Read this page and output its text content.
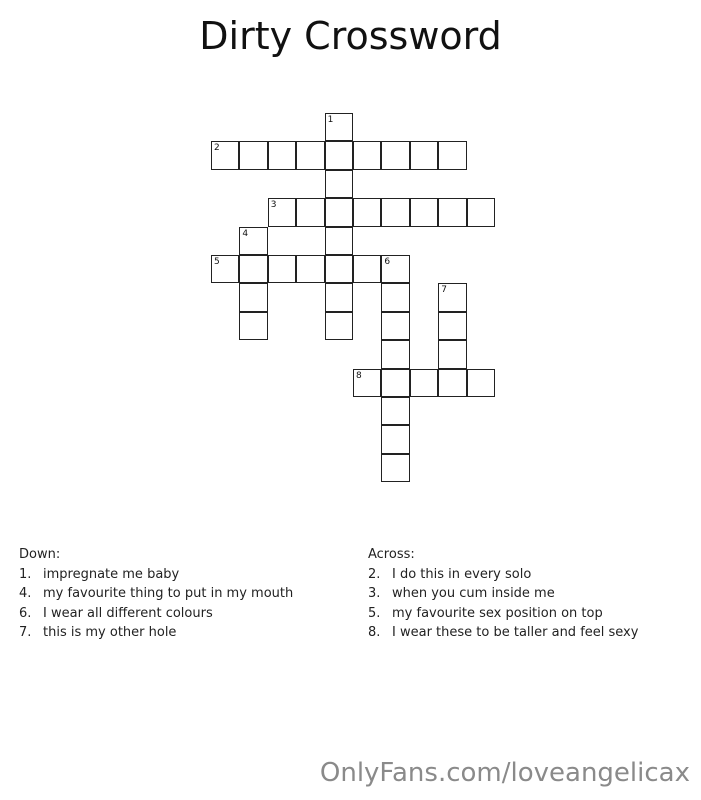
Dirty Crossword
1
2
3
4
5	6
7
8
Down:
1. impregnate me baby
4. my favourite thing to put in my mouth
6. I wear all different colours
7. this is my other hole
Across:
2. I do this in every solo
3. when you cum inside me
5. my favourite sex position on top
8. I wear these to be taller and feel sexy
OnlyFans.com/loveangelicax
